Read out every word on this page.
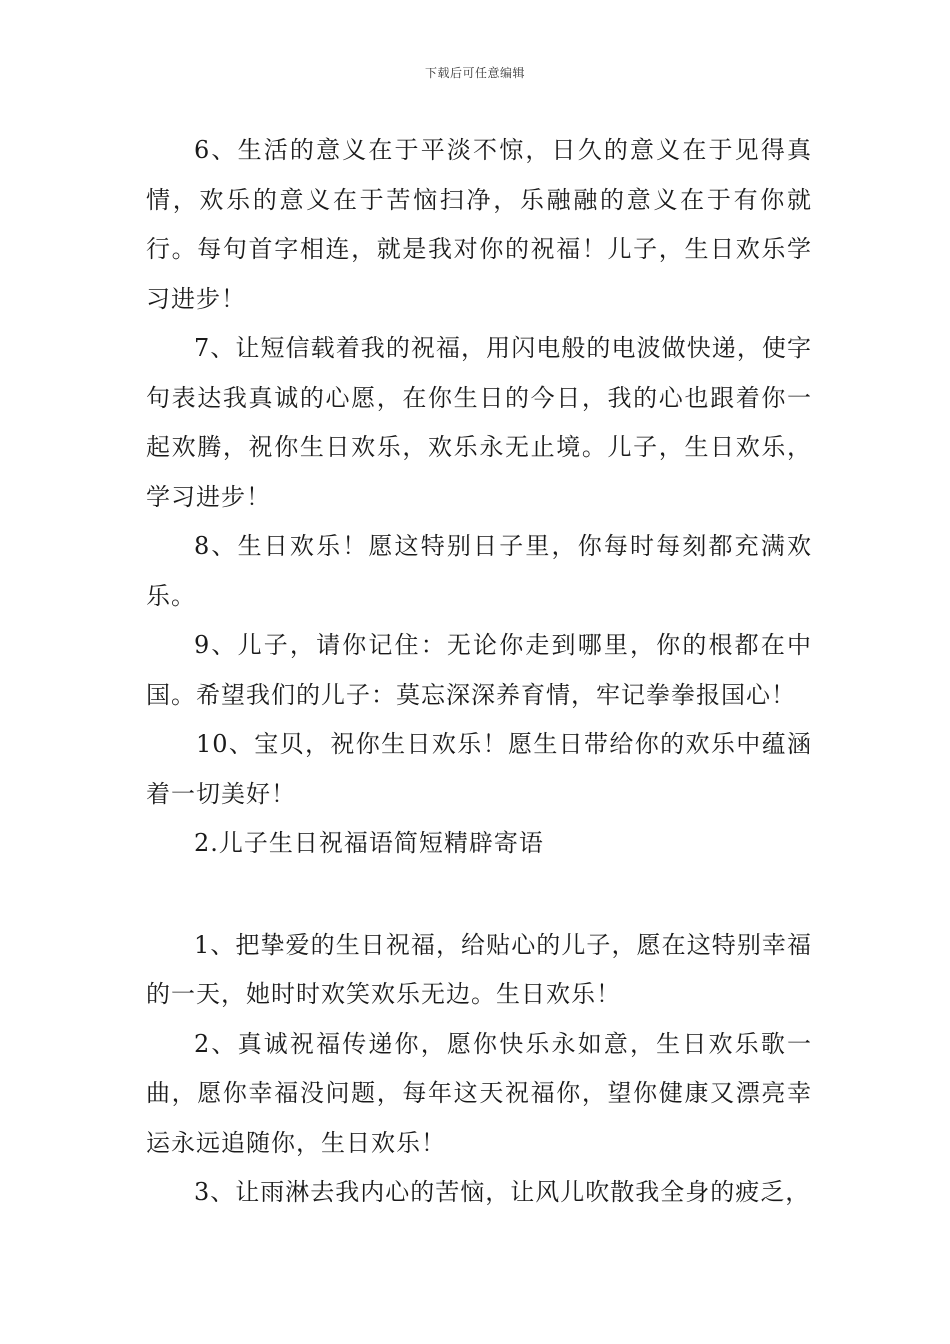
下载后可任意编辑

6、生活的意义在于平淡不惊，日久的意义在于见得真情，欢乐的意义在于苦恼扫净，乐融融的意义在于有你就行。每句首字相连，就是我对你的祝福！儿子，生日欢乐学习进步！

7、让短信载着我的祝福，用闪电般的电波做快递，使字句表达我真诚的心愿，在你生日的今日，我的心也跟着你一起欢腾，祝你生日欢乐，欢乐永无止境。儿子，生日欢乐，学习进步！

8、生日欢乐！愿这特别日子里，你每时每刻都充满欢乐。

9、儿子，请你记住：无论你走到哪里，你的根都在中国。希望我们的儿子：莫忘深深养育情，牢记拳拳报国心！

10、宝贝，祝你生日欢乐！愿生日带给你的欢乐中蕴涵着一切美好！

2.儿子生日祝福语简短精辟寄语

1、把挚爱的生日祝福，给贴心的儿子，愿在这特别幸福的一天，她时时欢笑欢乐无边。生日欢乐！

2、真诚祝福传递你，愿你快乐永如意，生日欢乐歌一曲，愿你幸福没问题，每年这天祝福你，望你健康又漂亮幸运永远追随你，生日欢乐！

3、让雨淋去我内心的苦恼，让风儿吹散我全身的疲乏，
